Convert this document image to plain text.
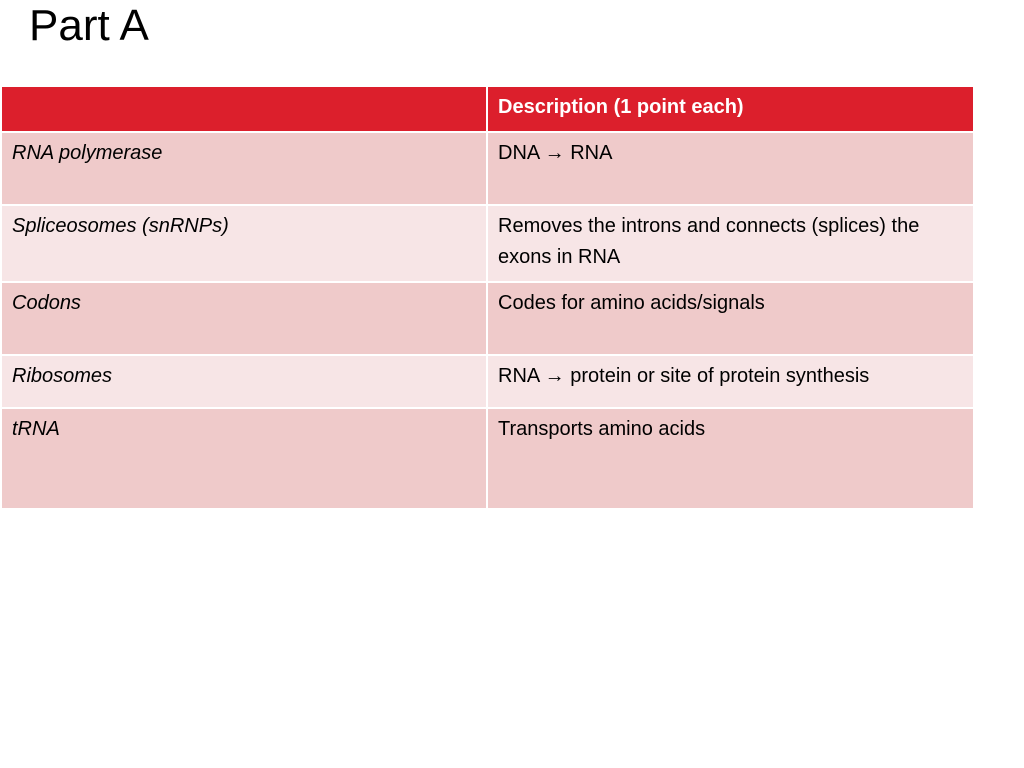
Part A
	Description (1 point each)
RNA polymerase	DNA → RNA
Spliceosomes (snRNPs)	Removes the introns and connects (splices) the exons in RNA
Codons	Codes for amino acids/signals
Ribosomes	RNA → protein or site of protein synthesis
tRNA	Transports amino acids
